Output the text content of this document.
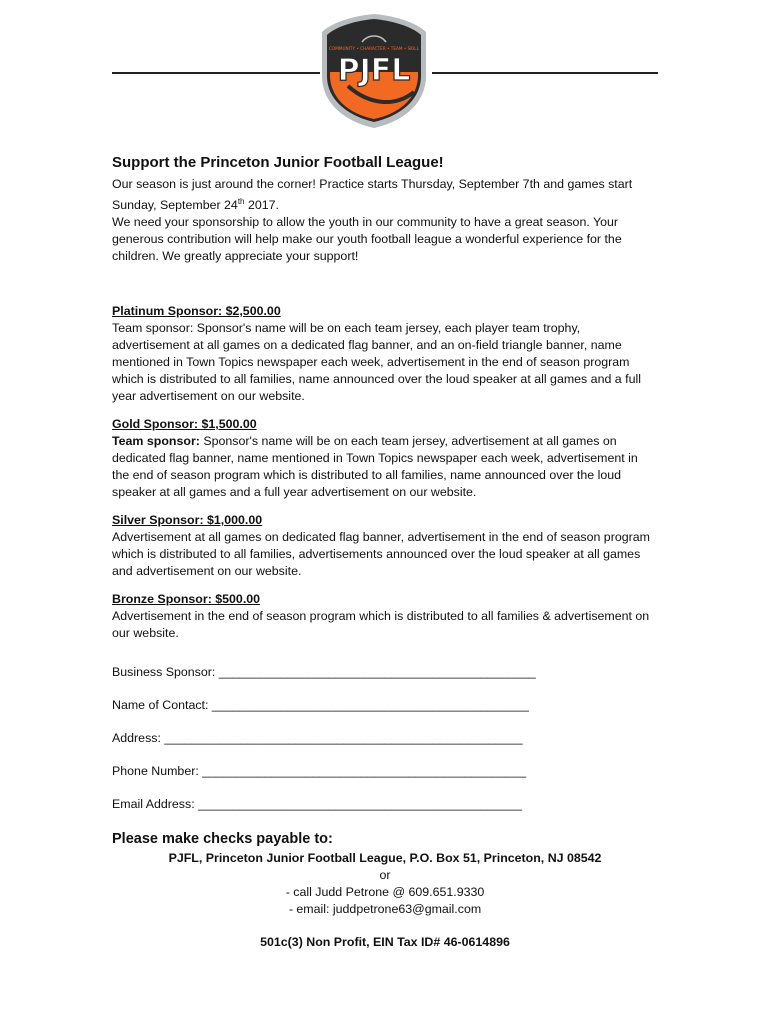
COMMUNITY • CHARACTER • TEAM • SKILL
PJFL

Support the Princeton Junior Football League!

Our season is just around the corner! Practice starts Thursday, September 7th and games start Sunday, September 24th 2017.

We need your sponsorship to allow the youth in our community to have a great season. Your generous contribution will help make our youth football league a wonderful experience for the children. We greatly appreciate your support!

Platinum Sponsor: $2,500.00

Team sponsor: Sponsor's name will be on each team jersey, each player team trophy, advertisement at all games on a dedicated flag banner, and an on-field triangle banner, name mentioned in Town Topics newspaper each week, advertisement in the end of season program which is distributed to all families, name announced over the loud speaker at all games and a full year advertisement on our website.

Gold Sponsor: $1,500.00

Team sponsor: Sponsor's name will be on each team jersey, advertisement at all games on dedicated flag banner, name mentioned in Town Topics newspaper each week, advertisement in the end of season program which is distributed to all families, name announced over the loud speaker at all games and a full year advertisement on our website.

Silver Sponsor: $1,000.00

Advertisement at all games on dedicated flag banner, advertisement in the end of season program which is distributed to all families, advertisements announced over the loud speaker at all games and advertisement on our website.

Bronze Sponsor: $500.00

Advertisement in the end of season program which is distributed to all families & advertisement on our website.

Business Sponsor: ______________________________________________

Name of Contact: ______________________________________________

Address: ____________________________________________________

Phone Number: _______________________________________________

Email Address: _______________________________________________

Please make checks payable to:

PJFL, Princeton Junior Football League, P.O. Box 51, Princeton, NJ 08542

or

- call Judd Petrone @ 609.651.9330

- email: juddpetrone63@gmail.com

501c(3) Non Profit, EIN Tax ID# 46-0614896
